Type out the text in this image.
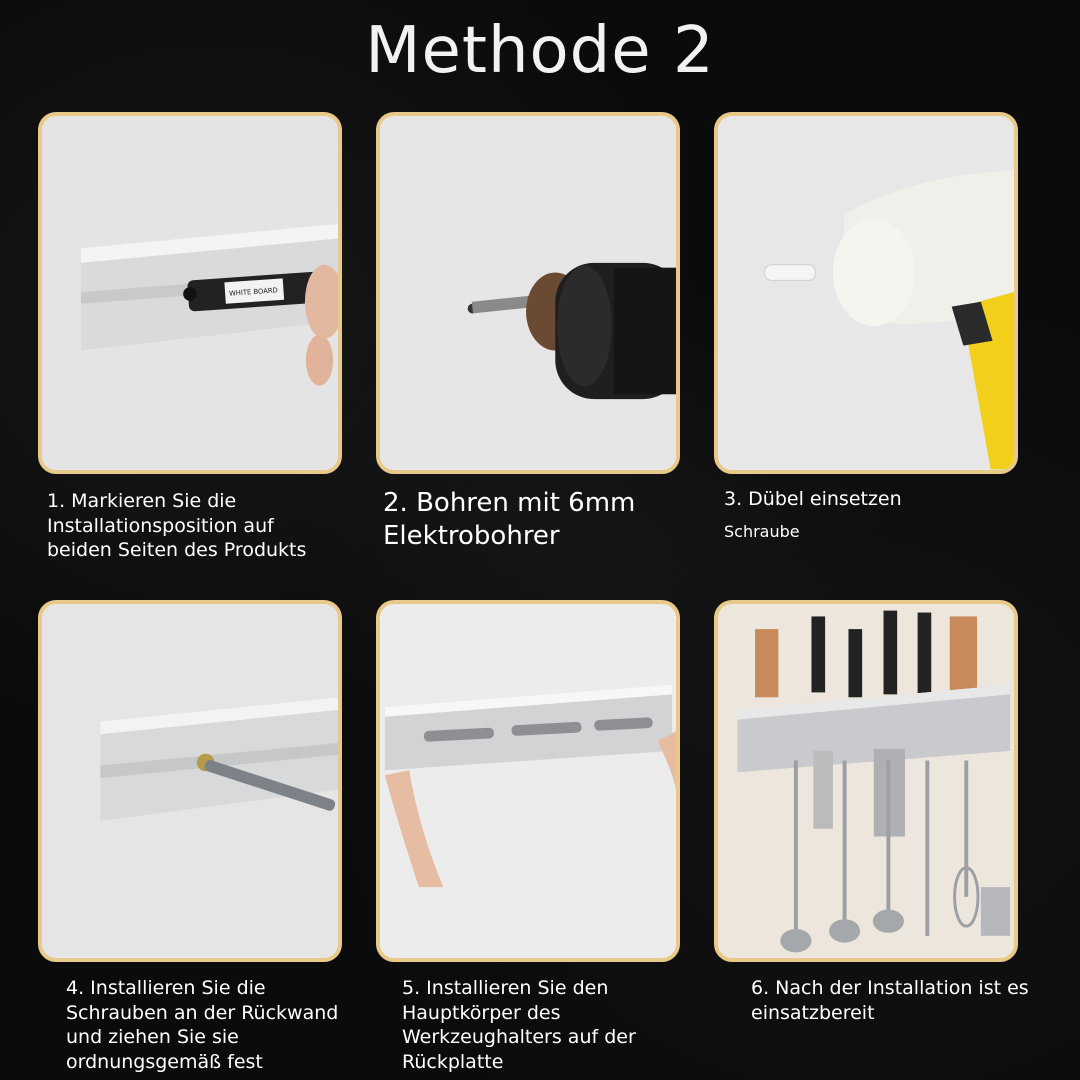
Methode 2
WHITE BOARD
1. Markieren Sie die Installationsposition auf beiden Seiten des Produkts
2. Bohren mit 6mm Elektrobohrer
3. Dübel einsetzen
Schraube
4. Installieren Sie die Schrauben an der Rückwand und ziehen Sie sie ordnungsgemäß fest
5. Installieren Sie den Hauptkörper des Werkzeughalters auf der Rückplatte
6. Nach der Installation ist es einsatzbereit
